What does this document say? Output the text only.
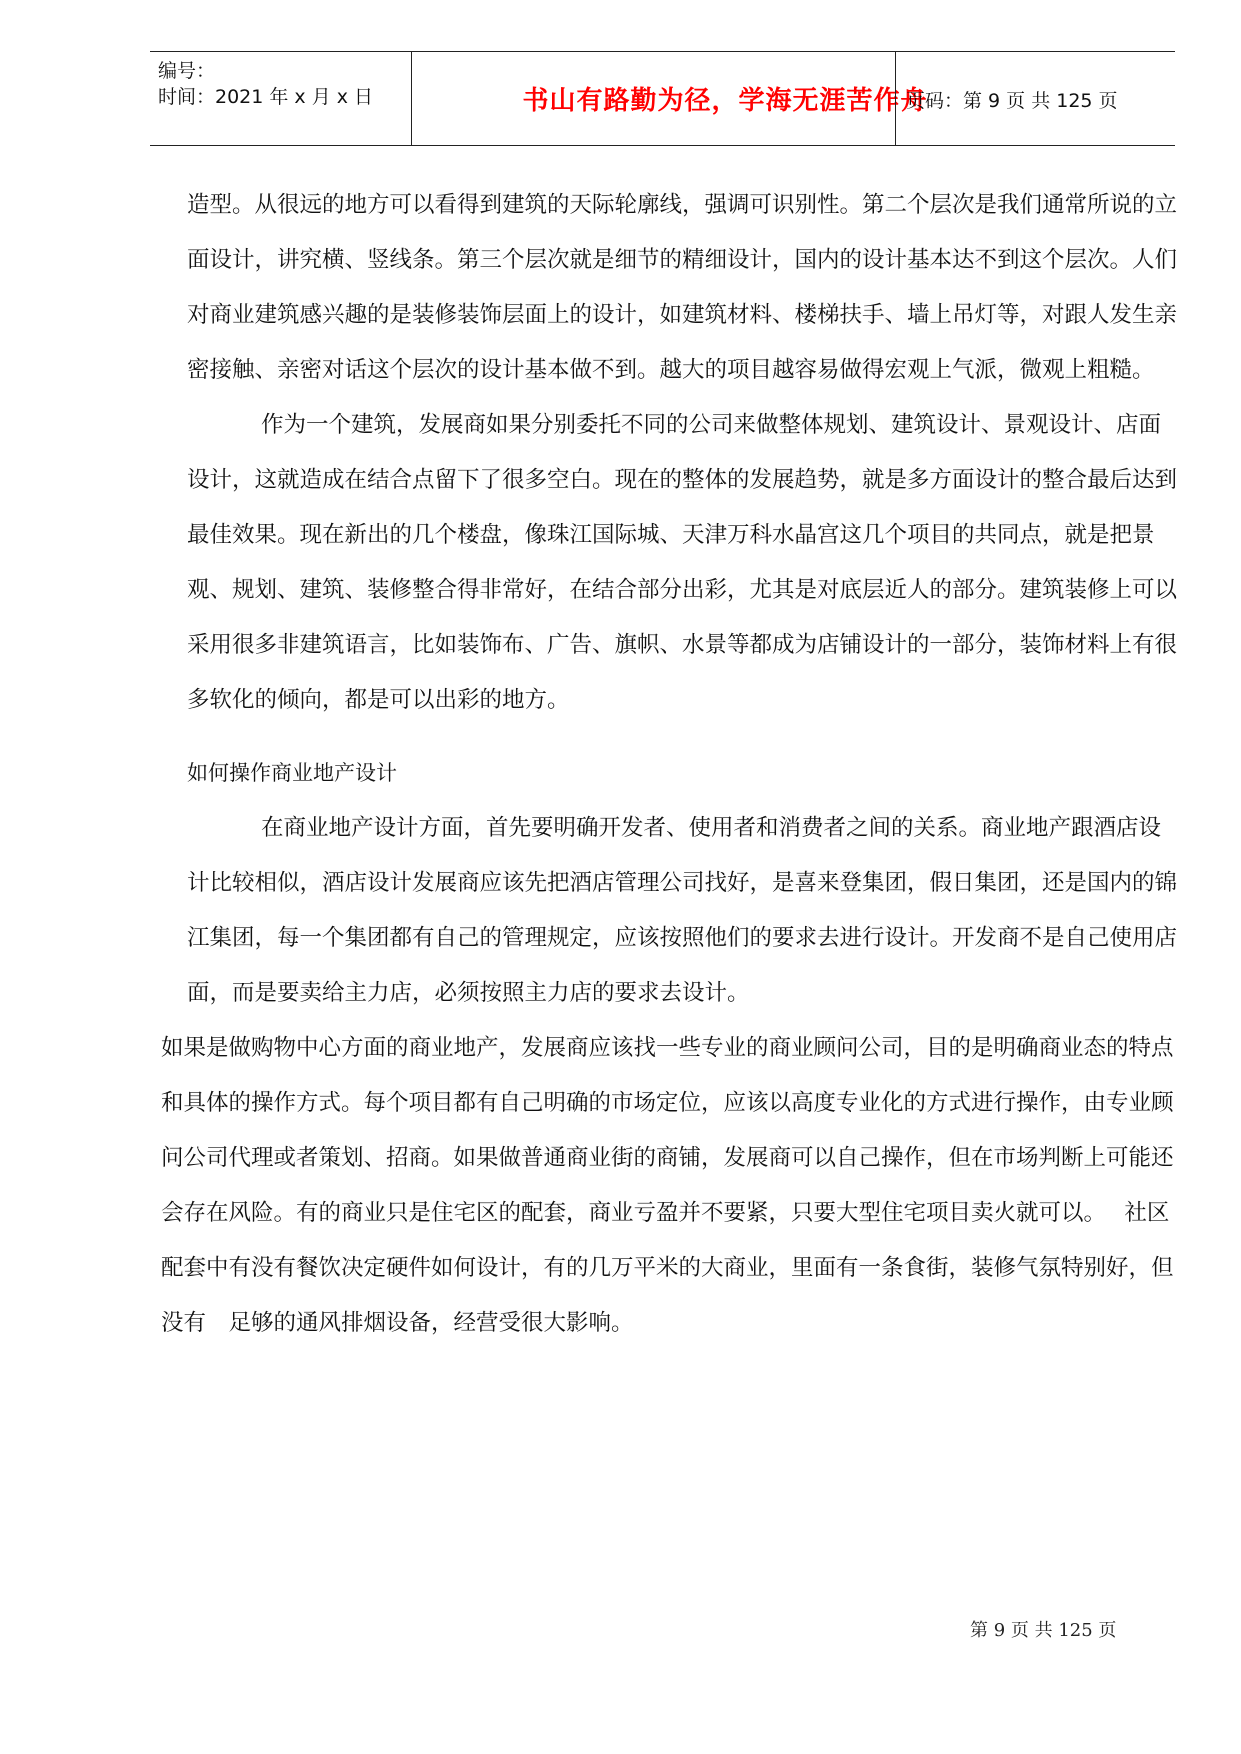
编号：
时间：2021 年 x 月 x 日	书山有路勤为径，学海无涯苦作舟
页码：第 9 页 共 125 页

造型。从很远的地方可以看得到建筑的天际轮廓线，强调可识别性。第二个层次是我们通常所说的立面设计，讲究横、竖线条。第三个层次就是细节的精细设计，国内的设计基本达不到这个层次。人们对商业建筑感兴趣的是装修装饰层面上的设计，如建筑材料、楼梯扶手、墙上吊灯等，对跟人发生亲密接触、亲密对话这个层次的设计基本做不到。越大的项目越容易做得宏观上气派，微观上粗糙。

作为一个建筑，发展商如果分别委托不同的公司来做整体规划、建筑设计、景观设计、店面设计，这就造成在结合点留下了很多空白。现在的整体的发展趋势，就是多方面设计的整合最后达到最佳效果。现在新出的几个楼盘，像珠江国际城、天津万科水晶宫这几个项目的共同点，就是把景观、规划、建筑、装修整合得非常好，在结合部分出彩，尤其是对底层近人的部分。建筑装修上可以采用很多非建筑语言，比如装饰布、广告、旗帜、水景等都成为店铺设计的一部分，装饰材料上有很多软化的倾向，都是可以出彩的地方。

如何操作商业地产设计

在商业地产设计方面，首先要明确开发者、使用者和消费者之间的关系。商业地产跟酒店设计比较相似，酒店设计发展商应该先把酒店管理公司找好，是喜来登集团，假日集团，还是国内的锦江集团，每一个集团都有自己的管理规定，应该按照他们的要求去进行设计。开发商不是自己使用店面，而是要卖给主力店，必须按照主力店的要求去设计。

如果是做购物中心方面的商业地产，发展商应该找一些专业的商业顾问公司，目的是明确商业态的特点和具体的操作方式。每个项目都有自己明确的市场定位，应该以高度专业化的方式进行操作，由专业顾问公司代理或者策划、招商。如果做普通商业街的商铺，发展商可以自己操作，但在市场判断上可能还会存在风险。有的商业只是住宅区的配套，商业亏盈并不要紧，只要大型住宅项目卖火就可以。　 社区配套中有没有餐饮决定硬件如何设计，有的几万平米的大商业，里面有一条食街，装修气氛特别好，但没有　足够的通风排烟设备，经营受很大影响。

第 9 页 共 125 页
